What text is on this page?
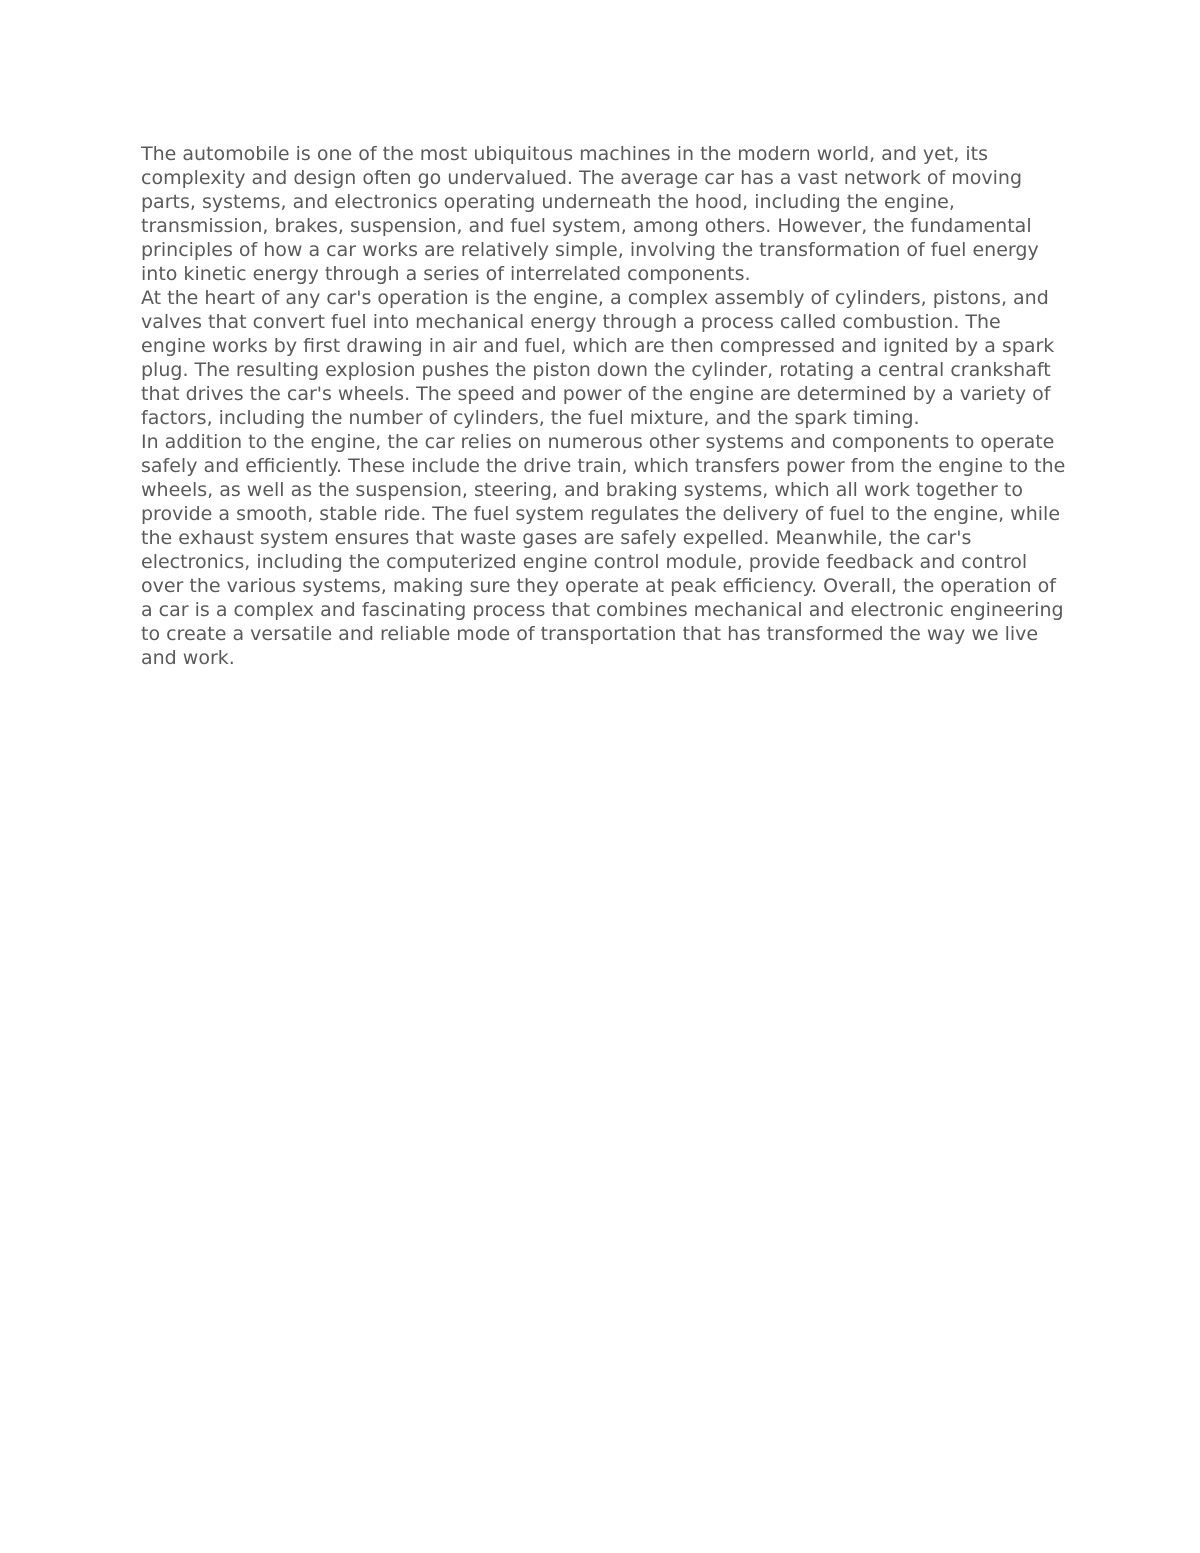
The automobile is one of the most ubiquitous machines in the modern world, and yet, its complexity and design often go undervalued. The average car has a vast network of moving parts, systems, and electronics operating underneath the hood, including the engine, transmission, brakes, suspension, and fuel system, among others. However, the fundamental principles of how a car works are relatively simple, involving the transformation of fuel energy into kinetic energy through a series of interrelated components.

At the heart of any car's operation is the engine, a complex assembly of cylinders, pistons, and valves that convert fuel into mechanical energy through a process called combustion. The engine works by first drawing in air and fuel, which are then compressed and ignited by a spark plug. The resulting explosion pushes the piston down the cylinder, rotating a central crankshaft that drives the car's wheels. The speed and power of the engine are determined by a variety of factors, including the number of cylinders, the fuel mixture, and the spark timing.

In addition to the engine, the car relies on numerous other systems and components to operate safely and efficiently. These include the drive train, which transfers power from the engine to the wheels, as well as the suspension, steering, and braking systems, which all work together to provide a smooth, stable ride. The fuel system regulates the delivery of fuel to the engine, while the exhaust system ensures that waste gases are safely expelled. Meanwhile, the car's electronics, including the computerized engine control module, provide feedback and control over the various systems, making sure they operate at peak efficiency. Overall, the operation of a car is a complex and fascinating process that combines mechanical and electronic engineering to create a versatile and reliable mode of transportation that has transformed the way we live and work.
